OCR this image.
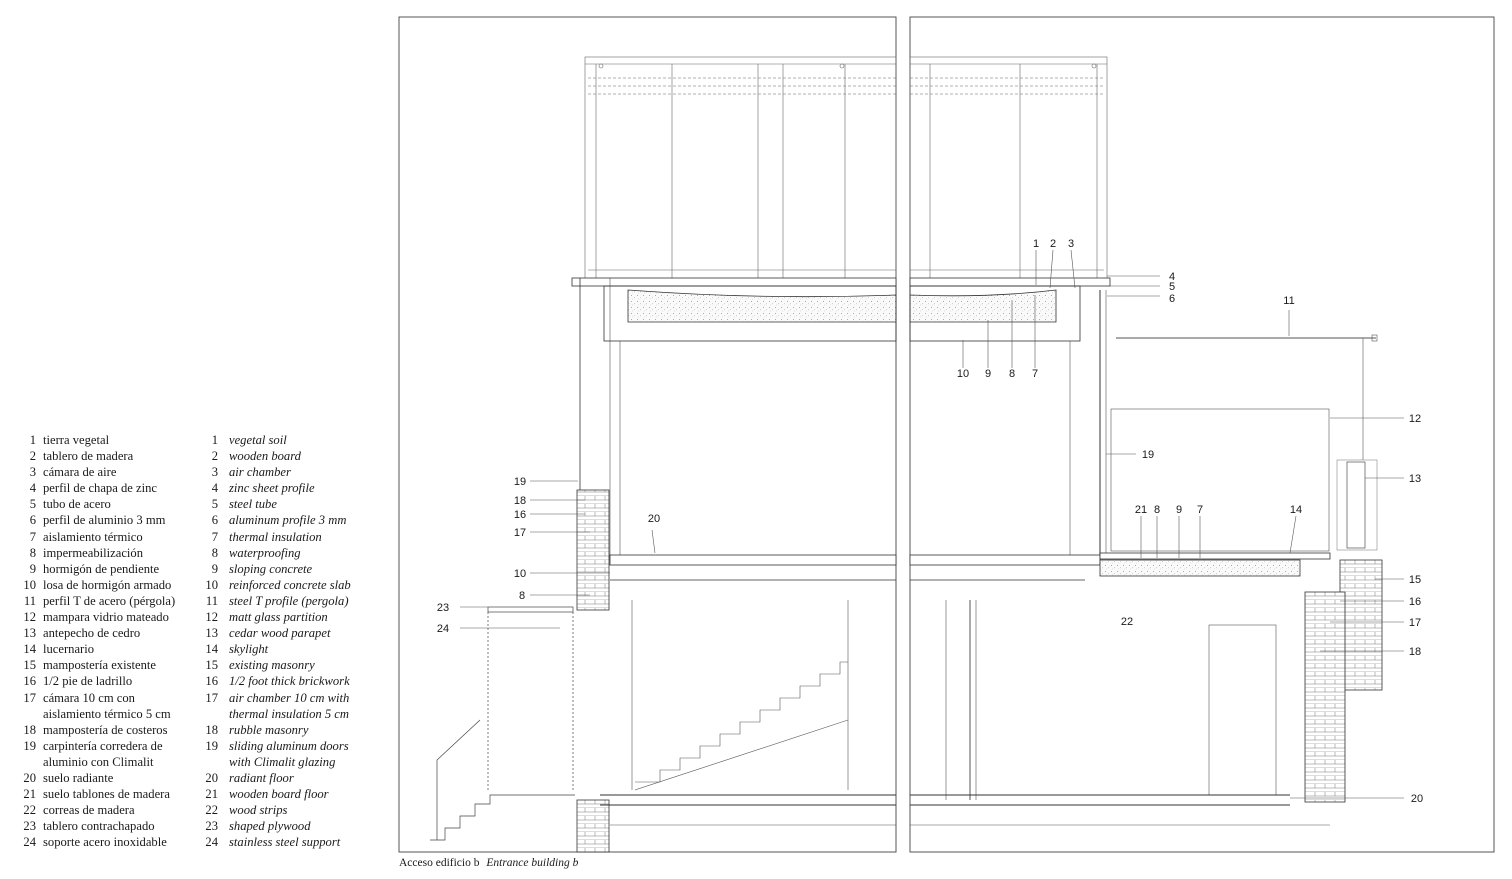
1 tierra vegetal	1 vegetal soil
2 tablero de madera	2 wooden board
3 cámara de aire	3 air chamber
4 perfil de chapa de zinc	4 zinc sheet profile
5 tubo de acero	5 steel tube
6 perfil de aluminio 3 mm	6 aluminum profile 3 mm
7 aislamiento térmico	7 thermal insulation
8 impermeabilización	8 waterproofing
9 hormigón de pendiente	9 sloping concrete
10 losa de hormigón armado	10 reinforced concrete slab
11 perfil T de acero (pérgola)	11 steel T profile (pergola)
12 mampara vidrio mateado	12 matt glass partition
13 antepecho de cedro	13 cedar wood parapet
14 lucernario	14 skylight
15 mampostería existente	15 existing masonry
16 1/2 pie de ladrillo	16 1/2 foot thick brickwork
17 cámara 10 cm con	17 air chamber 10 cm with
aislamiento térmico 5 cm	thermal insulation 5 cm
18 mampostería de costeros	18 rubble masonry
19 carpintería corredera de	19 sliding aluminum doors
aluminio con Climalit	with Climalit glazing
20 suelo radiante	20 radiant floor
21 suelo tablones de madera	21 wooden board floor
22 correas de madera	22 wood strips
23 tablero contrachapado	23 shaped plywood
24 soporte acero inoxidable	24 stainless steel support
1 2 3
4
5
6	11
10 9 8 7
12
19
13
21 8 9 7	14
15
16
17
18
22
20
19
18
16
17
20
10
8
23
24
Acceso edificio b Entrance building b
